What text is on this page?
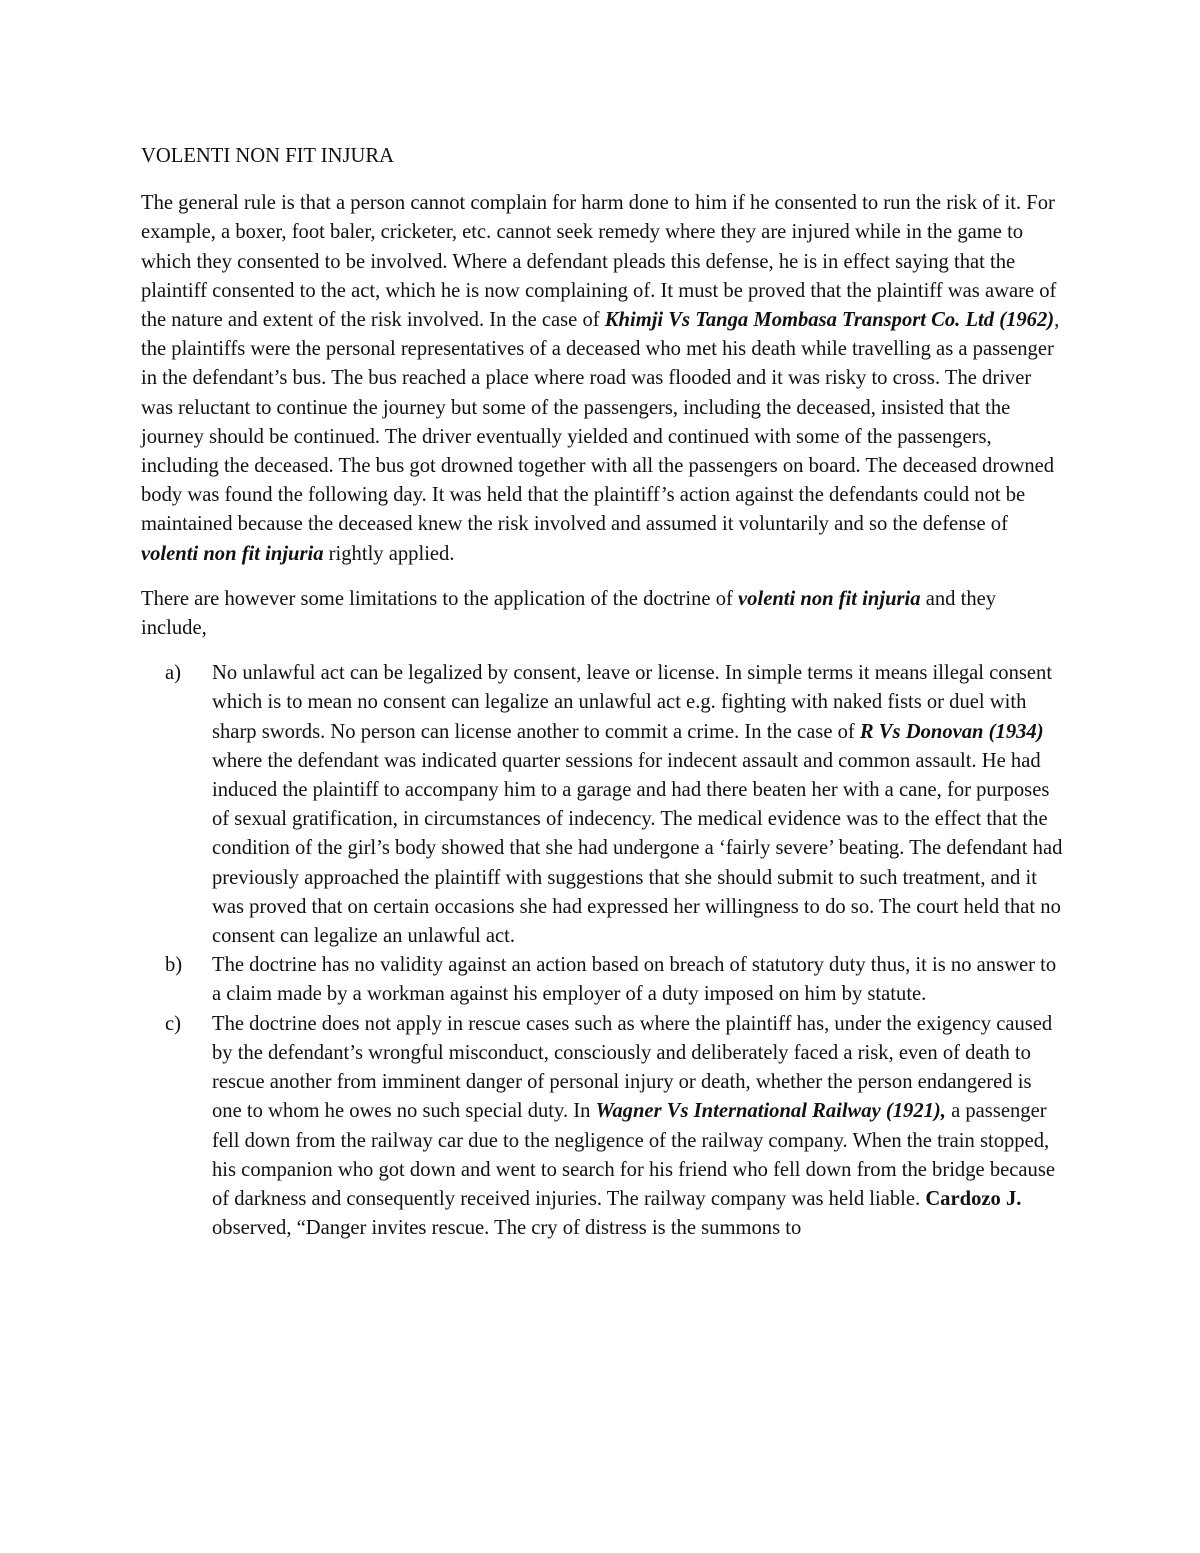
VOLENTI NON FIT INJURA

The general rule is that a person cannot complain for harm done to him if he consented to run the risk of it. For example, a boxer, foot baler, cricketer, etc. cannot seek remedy where they are injured while in the game to which they consented to be involved. Where a defendant pleads this defense, he is in effect saying that the plaintiff consented to the act, which he is now complaining of. It must be proved that the plaintiff was aware of the nature and extent of the risk involved. In the case of Khimji Vs Tanga Mombasa Transport Co. Ltd (1962), the plaintiffs were the personal representatives of a deceased who met his death while travelling as a passenger in the defendant’s bus. The bus reached a place where road was flooded and it was risky to cross. The driver was reluctant to continue the journey but some of the passengers, including the deceased, insisted that the journey should be continued. The driver eventually yielded and continued with some of the passengers, including the deceased. The bus got drowned together with all the passengers on board. The deceased drowned body was found the following day. It was held that the plaintiff’s action against the defendants could not be maintained because the deceased knew the risk involved and assumed it voluntarily and so the defense of volenti non fit injuria rightly applied.

There are however some limitations to the application of the doctrine of volenti non fit injuria and they include,

a) No unlawful act can be legalized by consent, leave or license. In simple terms it means illegal consent which is to mean no consent can legalize an unlawful act e.g. fighting with naked fists or duel with sharp swords. No person can license another to commit a crime. In the case of R Vs Donovan (1934) where the defendant was indicated quarter sessions for indecent assault and common assault. He had induced the plaintiff to accompany him to a garage and had there beaten her with a cane, for purposes of sexual gratification, in circumstances of indecency. The medical evidence was to the effect that the condition of the girl’s body showed that she had undergone a ‘fairly severe’ beating. The defendant had previously approached the plaintiff with suggestions that she should submit to such treatment, and it was proved that on certain occasions she had expressed her willingness to do so. The court held that no consent can legalize an unlawful act.
b) The doctrine has no validity against an action based on breach of statutory duty thus, it is no answer to a claim made by a workman against his employer of a duty imposed on him by statute.
c) The doctrine does not apply in rescue cases such as where the plaintiff has, under the exigency caused by the defendant’s wrongful misconduct, consciously and deliberately faced a risk, even of death to rescue another from imminent danger of personal injury or death, whether the person endangered is one to whom he owes no such special duty. In Wagner Vs International Railway (1921), a passenger fell down from the railway car due to the negligence of the railway company. When the train stopped, his companion who got down and went to search for his friend who fell down from the bridge because of darkness and consequently received injuries. The railway company was held liable. Cardozo J. observed, “Danger invites rescue. The cry of distress is the summons to
